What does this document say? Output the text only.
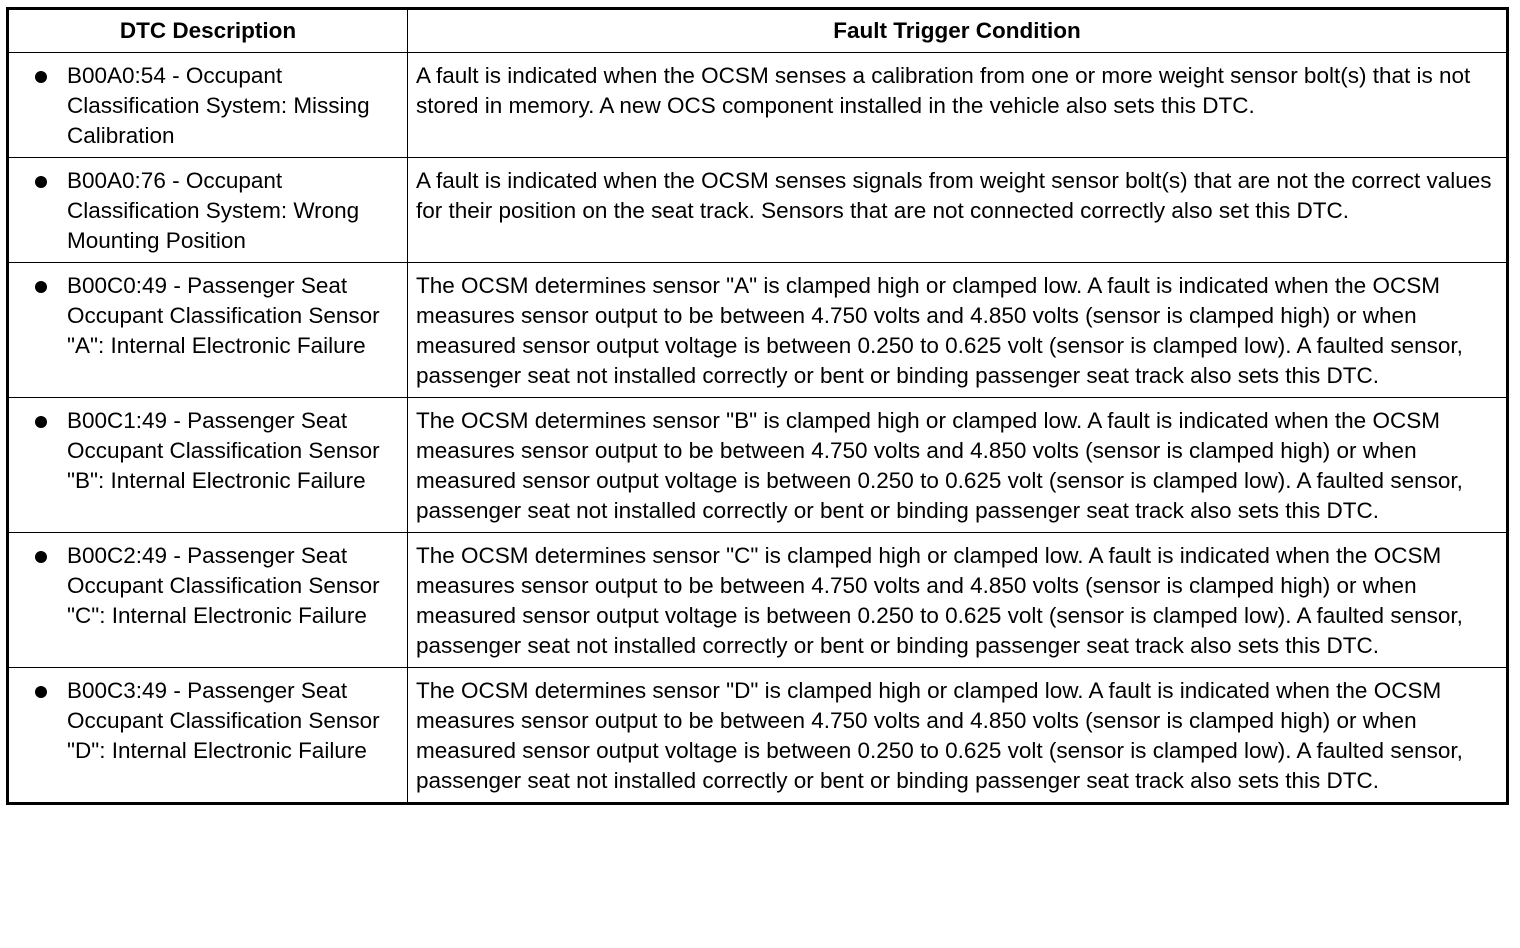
DTC Description	Fault Trigger Condition

B00A0:54 - Occupant Classification System: Missing Calibration	A fault is indicated when the OCSM senses a calibration from one or more weight sensor bolt(s) that is not stored in memory. A new OCS component installed in the vehicle also sets this DTC.

B00A0:76 - Occupant Classification System: Wrong Mounting Position	A fault is indicated when the OCSM senses signals from weight sensor bolt(s) that are not the correct values for their position on the seat track. Sensors that are not connected correctly also set this DTC.

B00C0:49 - Passenger Seat Occupant Classification Sensor "A": Internal Electronic Failure	The OCSM determines sensor "A" is clamped high or clamped low. A fault is indicated when the OCSM measures sensor output to be between 4.750 volts and 4.850 volts (sensor is clamped high) or when measured sensor output voltage is between 0.250 to 0.625 volt (sensor is clamped low). A faulted sensor, passenger seat not installed correctly or bent or binding passenger seat track also sets this DTC.

B00C1:49 - Passenger Seat Occupant Classification Sensor "B": Internal Electronic Failure	The OCSM determines sensor "B" is clamped high or clamped low. A fault is indicated when the OCSM measures sensor output to be between 4.750 volts and 4.850 volts (sensor is clamped high) or when measured sensor output voltage is between 0.250 to 0.625 volt (sensor is clamped low). A faulted sensor, passenger seat not installed correctly or bent or binding passenger seat track also sets this DTC.

B00C2:49 - Passenger Seat Occupant Classification Sensor "C": Internal Electronic Failure	The OCSM determines sensor "C" is clamped high or clamped low. A fault is indicated when the OCSM measures sensor output to be between 4.750 volts and 4.850 volts (sensor is clamped high) or when measured sensor output voltage is between 0.250 to 0.625 volt (sensor is clamped low). A faulted sensor, passenger seat not installed correctly or bent or binding passenger seat track also sets this DTC.

B00C3:49 - Passenger Seat Occupant Classification Sensor "D": Internal Electronic Failure	The OCSM determines sensor "D" is clamped high or clamped low. A fault is indicated when the OCSM measures sensor output to be between 4.750 volts and 4.850 volts (sensor is clamped high) or when measured sensor output voltage is between 0.250 to 0.625 volt (sensor is clamped low). A faulted sensor, passenger seat not installed correctly or bent or binding passenger seat track also sets this DTC.
